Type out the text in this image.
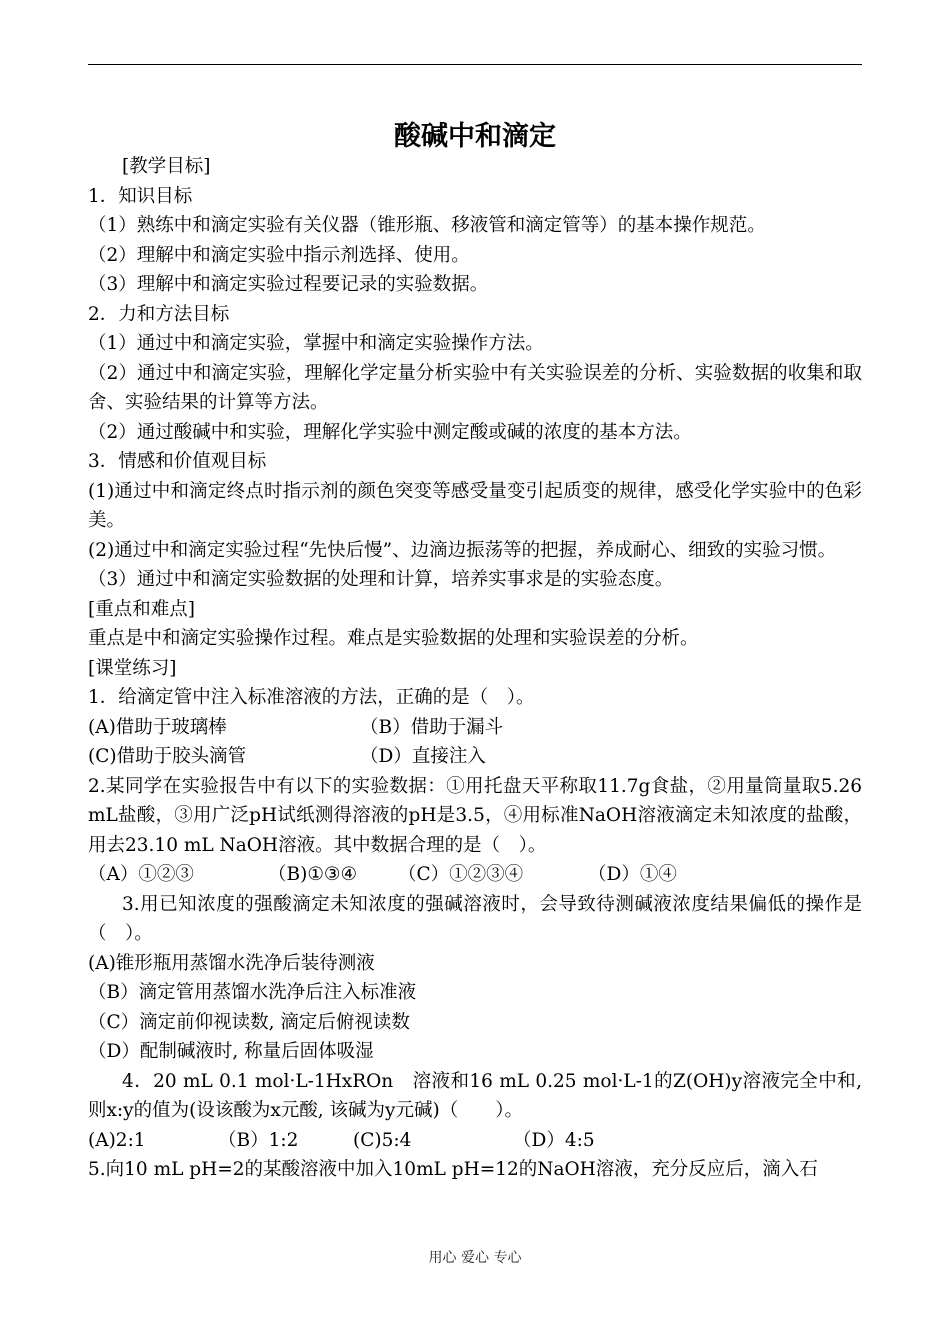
酸碱中和滴定

[教学目标]

1．知识目标

（1）熟练中和滴定实验有关仪器（锥形瓶、移液管和滴定管等）的基本操作规范。

（2）理解中和滴定实验中指示剂选择、使用。

（3）理解中和滴定实验过程要记录的实验数据。

2．力和方法目标

（1）通过中和滴定实验，掌握中和滴定实验操作方法。

（2）通过中和滴定实验，理解化学定量分析实验中有关实验误差的分析、实验数据的收集和取舍、实验结果的计算等方法。

（2）通过酸碱中和实验，理解化学实验中测定酸或碱的浓度的基本方法。

3．情感和价值观目标

(1)通过中和滴定终点时指示剂的颜色突变等感受量变引起质变的规律，感受化学实验中的色彩美。

(2)通过中和滴定实验过程“先快后慢”、边滴边振荡等的把握，养成耐心、细致的实验习惯。

（3）通过中和滴定实验数据的处理和计算，培养实事求是的实验态度。

[重点和难点]

重点是中和滴定实验操作过程。难点是实验数据的处理和实验误差的分析。

[课堂练习]

1．给滴定管中注入标准溶液的方法，正确的是（　）。

(A)借助于玻璃棒	（B）借助于漏斗
(C)借助于胶头滴管	（D）直接注入

2.某同学在实验报告中有以下的实验数据：①用托盘天平称取11.7g食盐，②用量筒量取5.26 mL盐酸，③用广泛pH试纸测得溶液的pH是3.5，④用标准NaOH溶液滴定未知浓度的盐酸，用去23.10 mL NaOH溶液。其中数据合理的是（　）。

（A）①②③	（B)①③④	（C）①②③④	（D）①④

3.用已知浓度的强酸滴定未知浓度的强碱溶液时，会导致待测碱液浓度结果偏低的操作是（　）。

(A)锥形瓶用蒸馏水洗净后装待测液

（B）滴定管用蒸馏水洗净后注入标准液

（C）滴定前仰视读数, 滴定后俯视读数

（D）配制碱液时, 称量后固体吸湿

4．20 mL 0.1 mol·L-1HxROn　溶液和16 mL 0.25 mol·L-1的Z(OH)y溶液完全中和, 则x:y的值为(设该酸为x元酸, 该碱为y元碱)（　　）。

(A)2:1	（B）1:2	(C)5:4	（D）4:5

5.向10 mL pH=2的某酸溶液中加入10mL pH=12的NaOH溶液，充分反应后，滴入石

用心 爱心 专心
